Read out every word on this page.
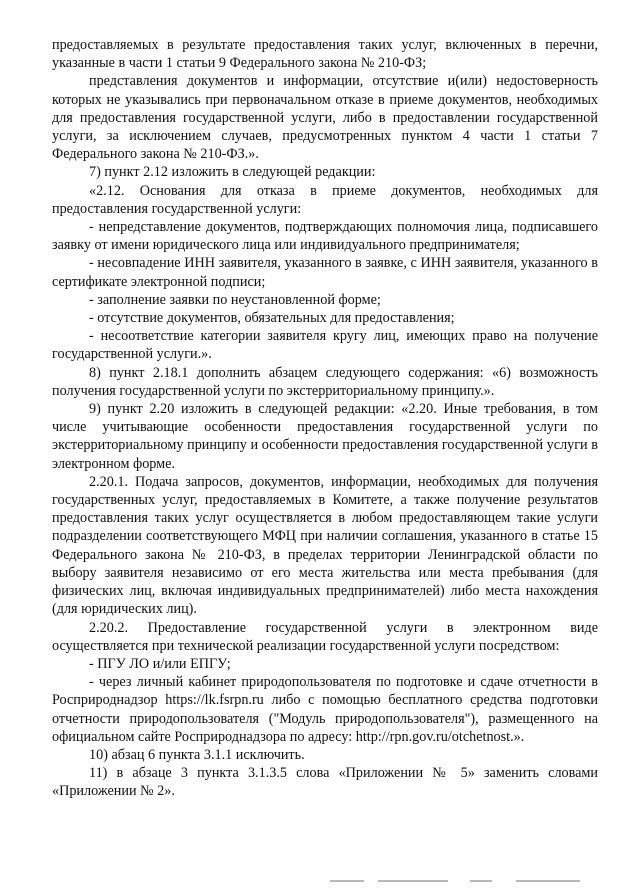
предоставляемых в результате предоставления таких услуг, включенных в перечни, указанные в части 1 статьи 9 Федерального закона № 210-ФЗ;

представления документов и информации, отсутствие и(или) недостоверность которых не указывались при первоначальном отказе в приеме документов, необходимых для предоставления государственной услуги, либо в предоставлении государственной услуги, за исключением случаев, предусмотренных пунктом 4 части 1 статьи 7 Федерального закона № 210-ФЗ.».

7) пункт 2.12 изложить в следующей редакции:

«2.12. Основания для отказа в приеме документов, необходимых для предоставления государственной услуги:

- непредставление документов, подтверждающих полномочия лица, подписавшего заявку от имени юридического лица или индивидуального предпринимателя;

- несовпадение ИНН заявителя, указанного в заявке, с ИНН заявителя, указанного в сертификате электронной подписи;

- заполнение заявки по неустановленной форме;

- отсутствие документов, обязательных для предоставления;

- несоответствие категории заявителя кругу лиц, имеющих право на получение государственной услуги.».

8) пункт 2.18.1 дополнить абзацем следующего содержания: «6) возможность получения государственной услуги по экстерриториальному принципу.».

9) пункт 2.20 изложить в следующей редакции: «2.20. Иные требования, в том числе учитывающие особенности предоставления государственной услуги по экстерриториальному принципу и особенности предоставления государственной услуги в электронном форме.

2.20.1. Подача запросов, документов, информации, необходимых для получения государственных услуг, предоставляемых в Комитете, а также получение результатов предоставления таких услуг осуществляется в любом предоставляющем такие услуги подразделении соответствующего МФЦ при наличии соглашения, указанного в статье 15 Федерального закона № 210-ФЗ, в пределах территории Ленинградской области по выбору заявителя независимо от его места жительства или места пребывания (для физических лиц, включая индивидуальных предпринимателей) либо места нахождения (для юридических лиц).

2.20.2. Предоставление государственной услуги в электронном виде осуществляется при технической реализации государственной услуги посредством:

- ПГУ ЛО и/или ЕПГУ;

- через личный кабинет природопользователя по подготовке и сдаче отчетности в Росприроднадзор https://lk.fsrpn.ru либо с помощью бесплатного средства подготовки отчетности природопользователя ("Модуль природопользователя"), размещенного на официальном сайте Росприроднадзора по адресу: http://rpn.gov.ru/otchetnost.».

10) абзац 6 пункта 3.1.1 исключить.

11) в абзаце 3 пункта 3.1.3.5 слова «Приложении № 5» заменить словами «Приложении № 2».
